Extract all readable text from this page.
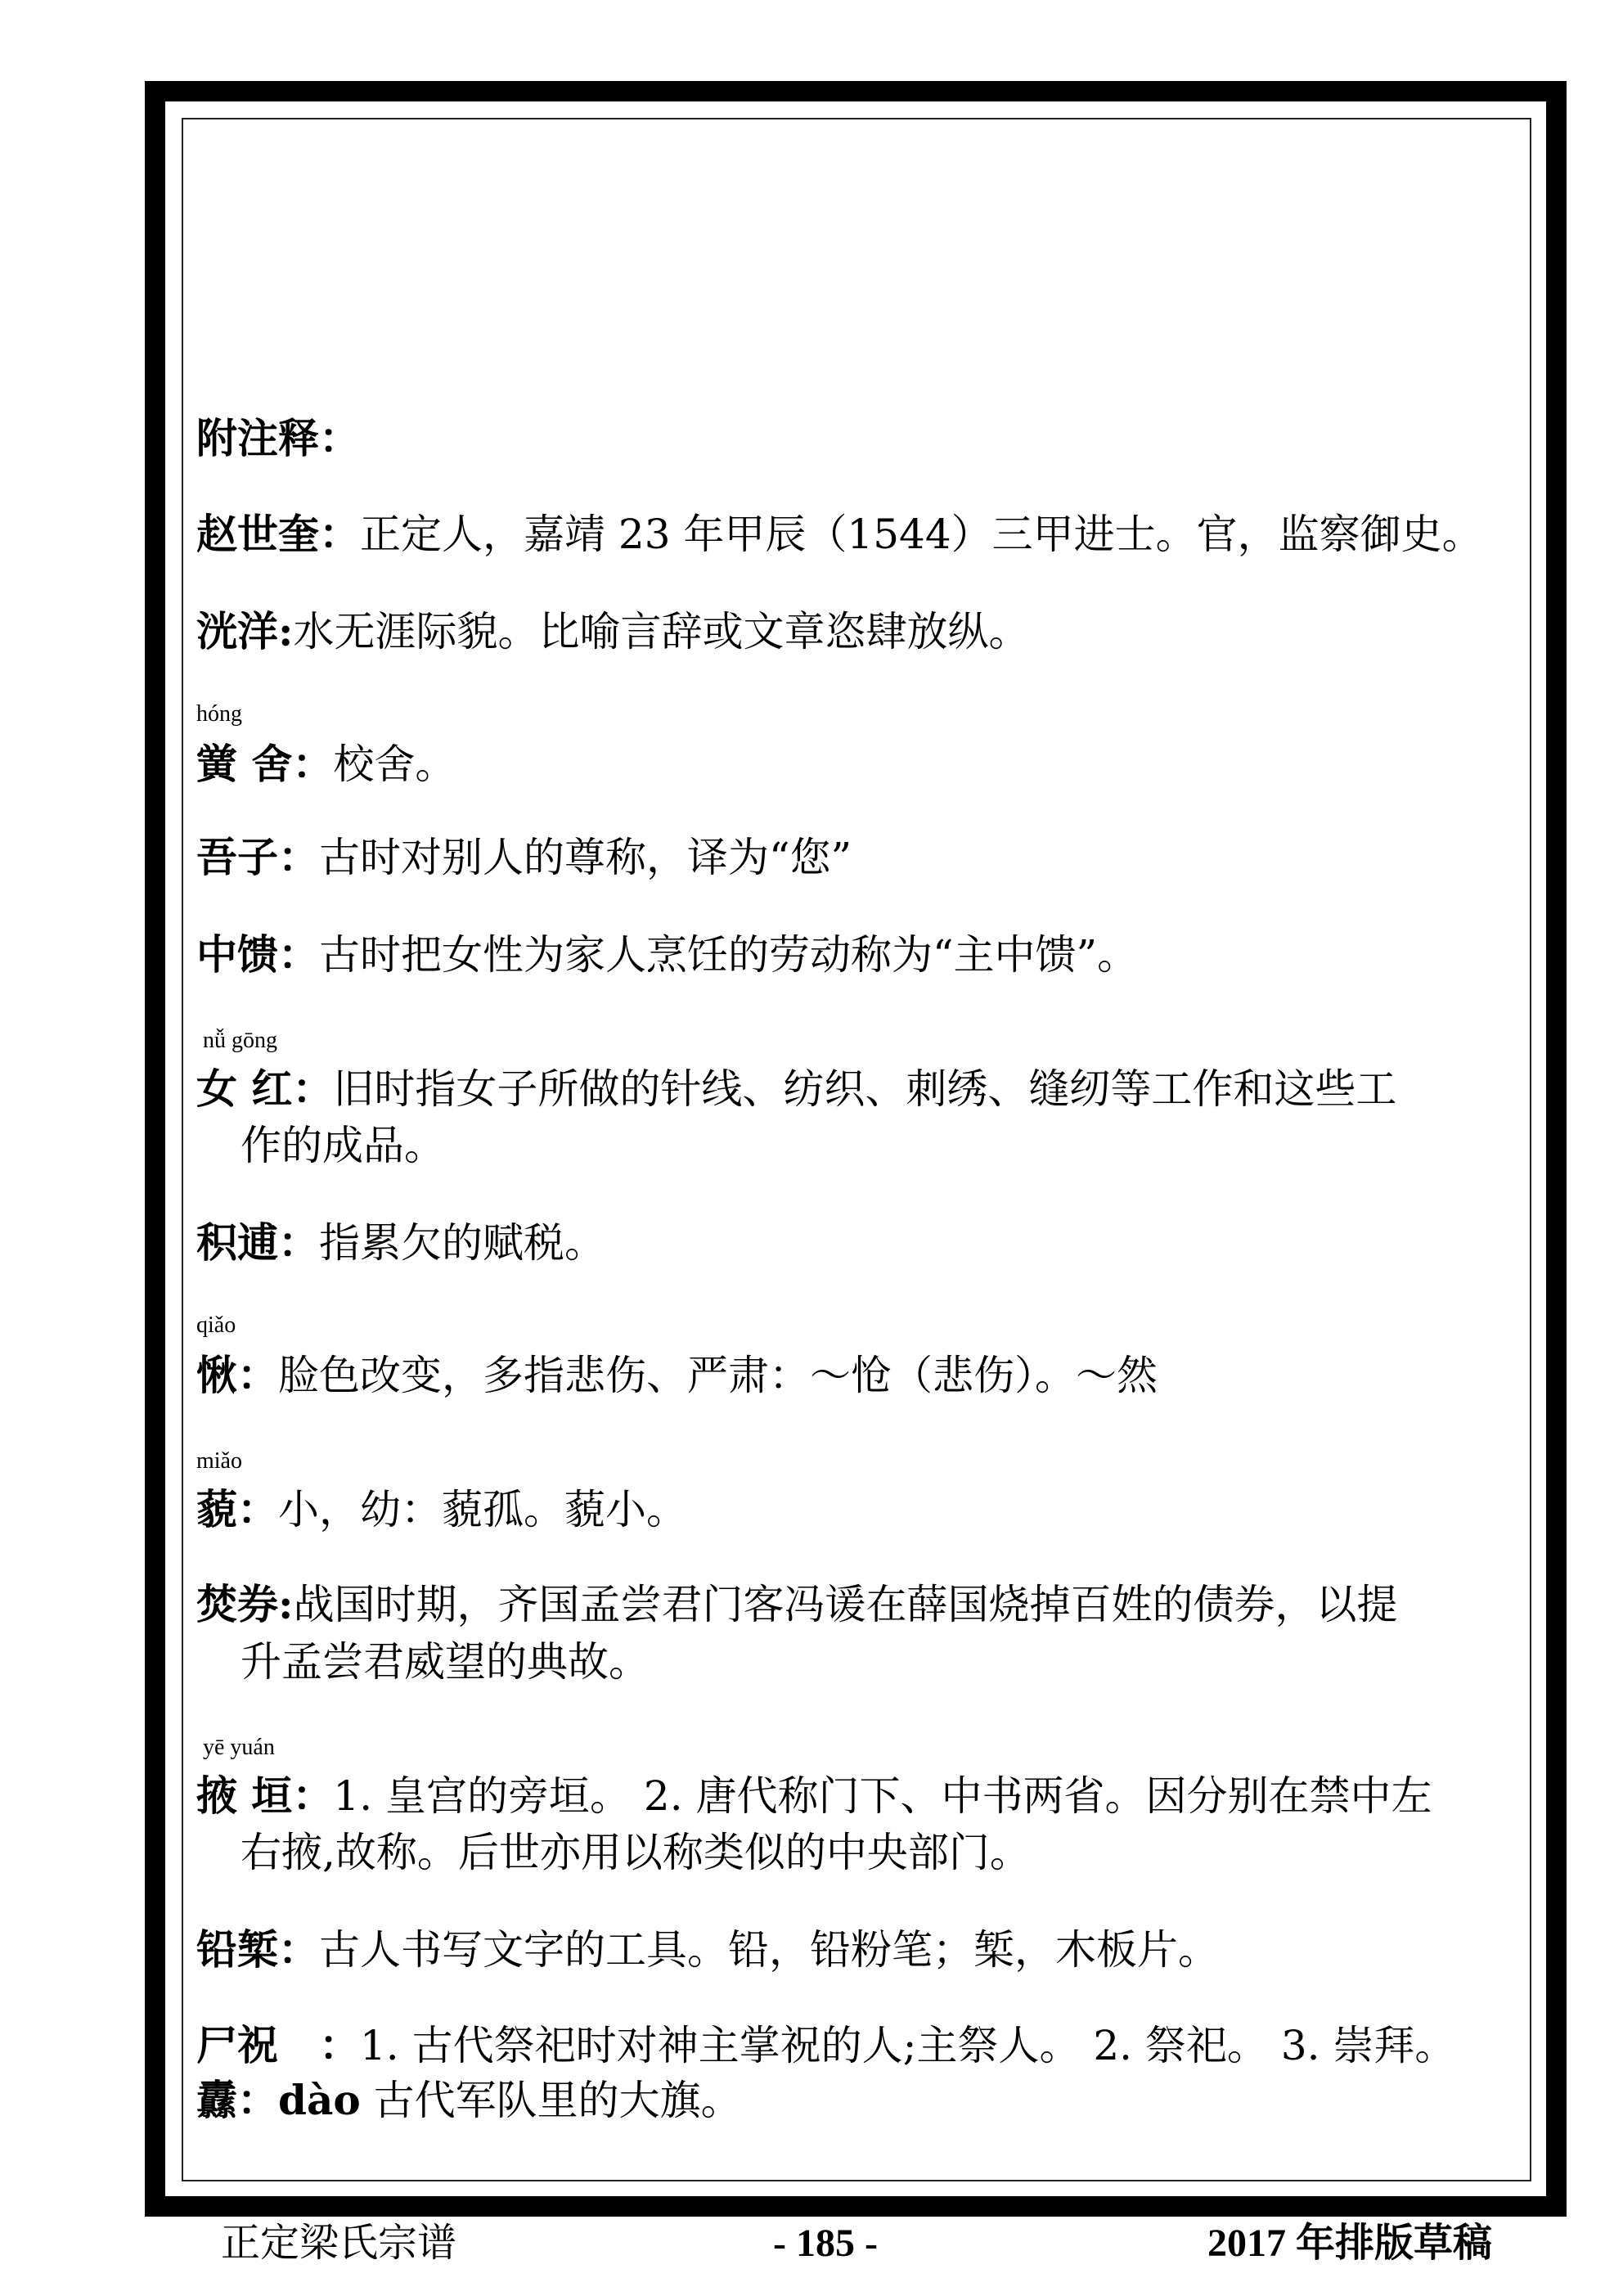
附注释：
赵世奎：正定人，嘉靖 23 年甲辰（1544）三甲进士。官，监察御史。
洸洋:水无涯际貌。比喻言辞或文章恣肆放纵。
hóng
黉 舍：校舍。
吾子：古时对别人的尊称，译为“您”
中馈：古时把女性为家人烹饪的劳动称为“主中馈”。
nǚ gōng
女 红：旧时指女子所做的针线、纺织、刺绣、缝纫等工作和这些工
作的成品。
积逋：指累欠的赋税。
qiǎo
愀：脸色改变，多指悲伤、严肃：～怆（悲伤）。～然
miǎo
藐：小，幼：藐孤。藐小。
焚券:战国时期，齐国孟尝君门客冯谖在薛国烧掉百姓的债券，以提
升孟尝君威望的典故。
yē yuán
掖 垣：1. 皇宫的旁垣。 2. 唐代称门下、中书两省。因分别在禁中左
右掖,故称。后世亦用以称类似的中央部门。
铅椠：古人书写文字的工具。铅，铅粉笔；椠，木板片。
尸祝　：1. 古代祭祀时对神主掌祝的人;主祭人。 2. 祭祀。 3. 崇拜。
纛：dào 古代军队里的大旗。
正定梁氏宗谱	- 185 -	2017 年排版草稿
